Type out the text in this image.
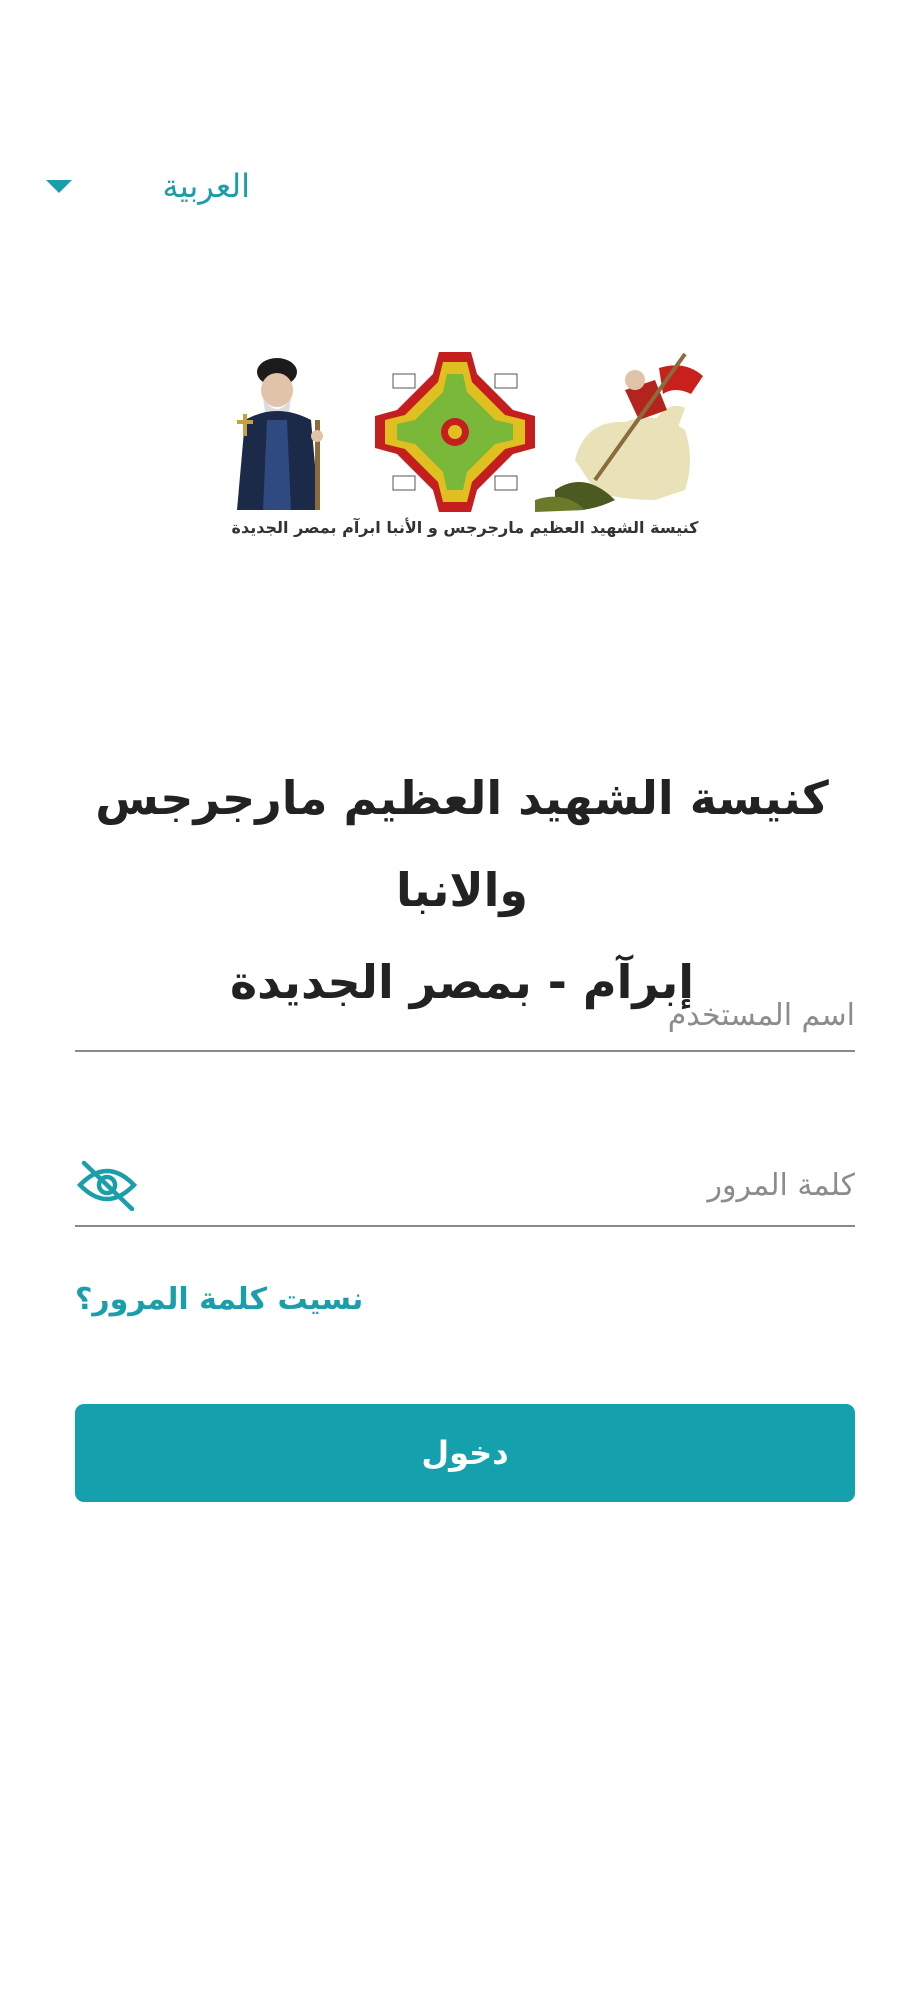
العربية
كنيسة الشهيد العظيم مارجرجس و الأنبا ابرآم بمصر الجديدة
كنيسة الشهيد العظيم مارجرجس والانبا
إبرآم - بمصر الجديدة
اسم المستخدم
نسيت كلمة المرور؟
دخول
